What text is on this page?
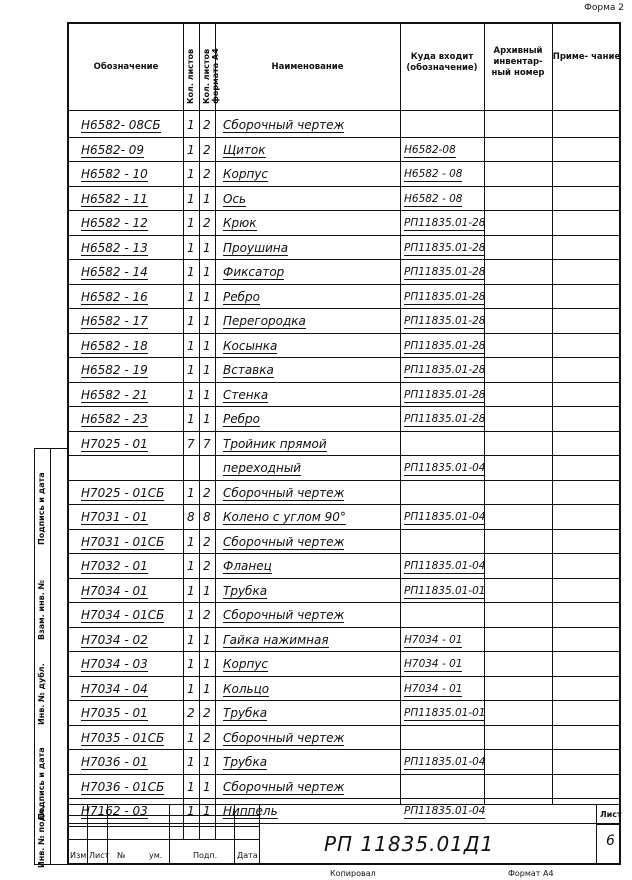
Форма 2
Обозначение	Кол. листов Кол. листов формата А4	Наименование
Куда входит (обозначение)
Архивный инвентар- ный номер
Приме- чание
Н6582- 08СБ 1 2 Сборочный чертеж
Н6582- 09	1 2 Щиток	Н6582-08
Н6582 - 10	1 2 Корпус	Н6582 - 08
Н6582 - 11	1 1 Ось	Н6582 - 08
Н6582 - 12	1 2 Крюк	РП11835.01-28
Н6582 - 13	1 1 Проушина	РП11835.01-28
Н6582 - 14	1 1 Фиксатор	РП11835.01-28
Н6582 - 16	1 1 Ребро	РП11835.01-28
Н6582 - 17	1 1 Перегородка	РП11835.01-28
Н6582 - 18	1 1 Косынка	РП11835.01-28
Н6582 - 19	1 1 Вставка	РП11835.01-28
Н6582 - 21	1 1 Стенка	РП11835.01-28
Н6582 - 23	1 1 Ребро	РП11835.01-28
Н7025 - 01	7 7 Тройник прямой
переходный	РП11835.01-04
Н7025 - 01СБ 1 2 Сборочный чертеж
Н7031 - 01	8 8 Колено с углом 90°	РП11835.01-04
Н7031 - 01СБ 1 2 Сборочный чертеж
Н7032 - 01	1 2 Фланец	РП11835.01-04
Н7034 - 01	1 1 Трубка	РП11835.01-01
Н7034 - 01СБ 1 2 Сборочный чертеж
Н7034 - 02	1 1 Гайка нажимная	Н7034 - 01
Н7034 - 03	1 1 Корпус	Н7034 - 01
Н7034 - 04	1 1 Кольцо	Н7034 - 01
Н7035 - 01	2 2 Трубка	РП11835.01-01
Н7035 - 01СБ 1 2 Сборочный чертеж
Н7036 - 01	1 1 Трубка	РП11835.01-04
Н7036 - 01СБ 1 1 Сборочный чертеж
Н7162 - 03	1 1 Ниппель	РП11835.01-04
Изм Лист №	ум.	Подп. Дата	РП 11835.01Д1
Лист
6
Подпись и дата
Взам. инв. №
Инв. № дубл.
Подпись и дата
Инв. № подл.
Копировал	Формат А4
